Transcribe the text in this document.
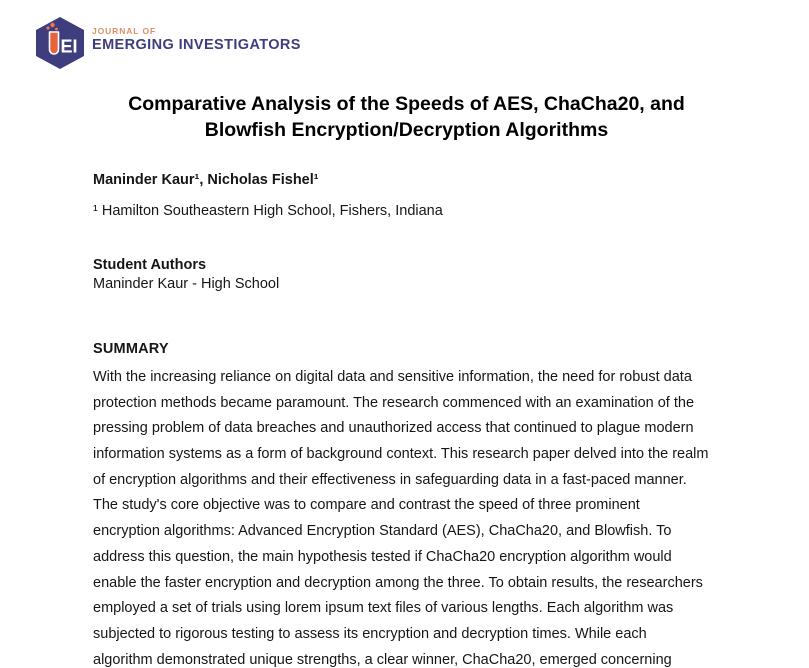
EI
JOURNAL OF
EMERGING INVESTIGATORS
Comparative Analysis of the Speeds of AES, ChaCha20, and
Blowfish Encryption/Decryption Algorithms

Maninder Kaur¹, Nicholas Fishel¹

¹ Hamilton Southeastern High School, Fishers, Indiana

Student Authors
Maninder Kaur - High School
SUMMARY
With the increasing reliance on digital data and sensitive information, the need for robust data
protection methods became paramount. The research commenced with an examination of the
pressing problem of data breaches and unauthorized access that continued to plague modern
information systems as a form of background context. This research paper delved into the realm
of encryption algorithms and their effectiveness in safeguarding data in a fast-paced manner.
The study's core objective was to compare and contrast the speed of three prominent
encryption algorithms: Advanced Encryption Standard (AES), ChaCha20, and Blowfish. To
address this question, the main hypothesis tested if ChaCha20 encryption algorithm would
enable the faster encryption and decryption among the three. To obtain results, the researchers
employed a set of trials using lorem ipsum text files of various lengths. Each algorithm was
subjected to rigorous testing to assess its encryption and decryption times. While each
algorithm demonstrated unique strengths, a clear winner, ChaCha20, emerged concerning
